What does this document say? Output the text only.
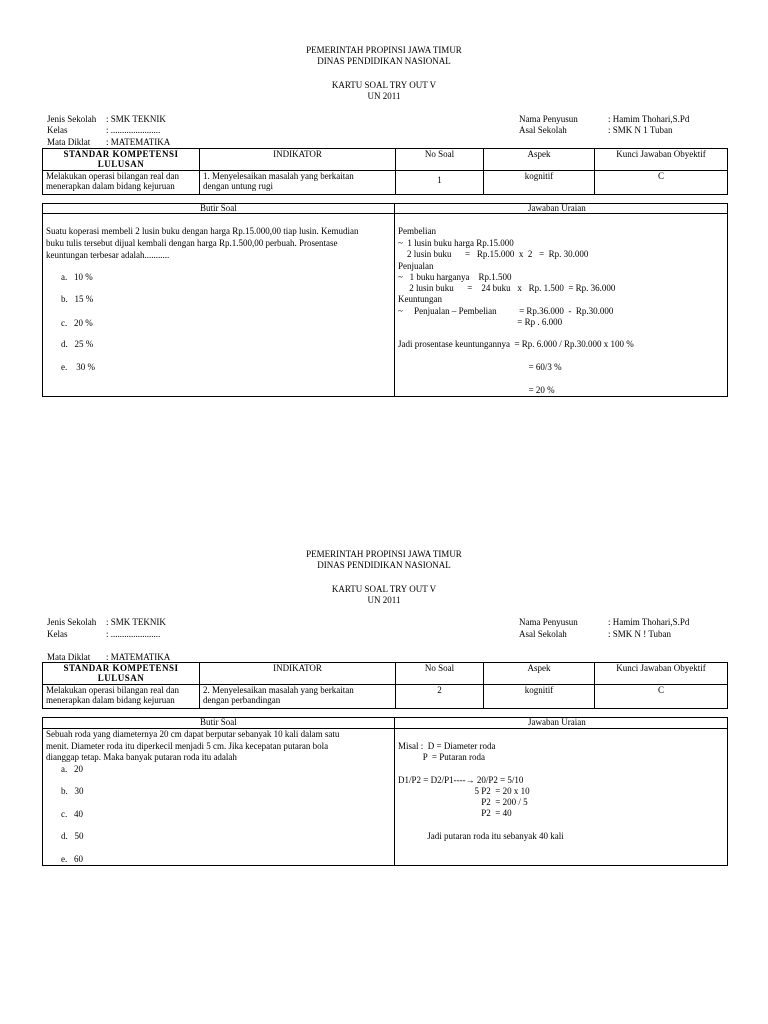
PEMERINTAH PROPINSI JAWA TIMUR
DINAS PENDIDIKAN NASIONAL
KARTU SOAL TRY OUT V
UN 2011
Jenis Sekolah : SMK TEKNIK
Kelas	: ......................
Mata Diklat : MATEMATIKA
Nama Penyusun	: Hamim Thohari,S.Pd
Asal Sekolah	: SMK N 1 Tuban
STANDAR KOMPETENSI
LULUSAN	INDIKATOR	No Soal	Aspek	Kunci Jawaban Obyektif
Melakukan operasi bilangan real dan
menerapkan dalam bidang kejuruan	1. Menyelesaikan masalah yang berkaitan
dengan untung rugi	1	kognitif	C
Butir Soal	Jawaban Uraian
Suatu koperasi membeli 2 lusin buku dengan harga Rp.15.000,00 tiap lusin. Kemudian
buku tulis tersebut dijual kembali dengan harga Rp.1.500,00 perbuah. Prosentase
keuntungan terbesar adalah...........
a.   10 %
b.   15 %
c.   20 %
d.   25 %
e.    30 %
Pembelian
~  1 lusin buku harga Rp.15.000
2 lusin buku      =   Rp.15.000  x  2   =  Rp. 30.000
Penjualan
~   1 buku harganya    Rp.1.500
2 lusin buku      =    24 buku   x   Rp. 1.500  = Rp. 36.000
Keuntungan
~     Penjualan – Pembelian          = Rp.36.000  -  Rp.30.000
= Rp . 6.000
Jadi prosentase keuntungannya  = Rp. 6.000 / Rp.30.000 x 100 %
= 60/3 %
= 20 %
PEMERINTAH PROPINSI JAWA TIMUR
DINAS PENDIDIKAN NASIONAL
KARTU SOAL TRY OUT V
UN 2011
Jenis Sekolah : SMK TEKNIK
Kelas	: ......................
Mata Diklat : MATEMATIKA
Nama Penyusun	: Hamim Thohari,S.Pd
Asal Sekolah	: SMK N ! Tuban
STANDAR KOMPETENSI
LULUSAN	INDIKATOR	No Soal	Aspek	Kunci Jawaban Obyektif
Melakukan operasi bilangan real dan
menerapkan dalam bidang kejuruan	2. Menyelesaikan masalah yang berkaitan
dengan perbandingan	2	kognitif	C
Butir Soal	Jawaban Uraian
Sebuah roda yang diameternya 20 cm dapat berputar sebanyak 10 kali dalam satu
menit. Diameter roda itu diperkecil menjadi 5 cm. Jika kecepatan putaran bola
dianggap tetap. Maka banyak putaran roda itu adalah
a.   20
b.   30
c.   40
d.   50
e.   60
Misal :  D = Diameter roda
P  = Putaran roda
D1/P2 = D2/P1----→ 20/P2 = 5/10
5 P2  = 20 x 10
P2  = 200 / 5
P2  = 40
Jadi putaran roda itu sebanyak 40 kali
